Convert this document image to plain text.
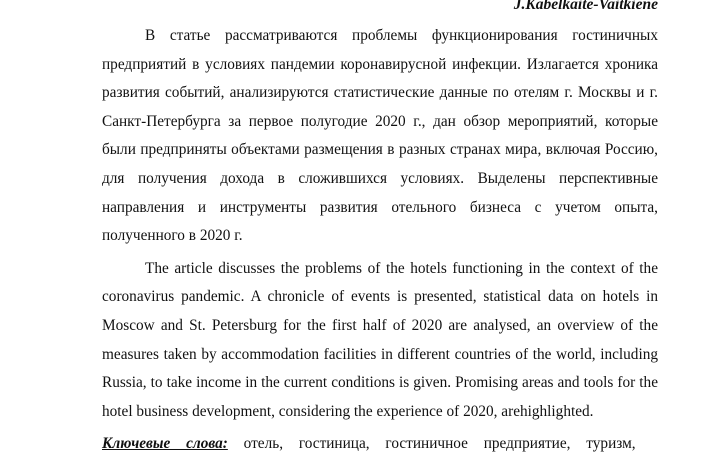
J.Kabelkaite-Vaitkiene

В статье рассматриваются проблемы функционирования гостиничных предприятий в условиях пандемии коронавирусной инфекции. Излагается хроника развития событий, анализируются статистические данные по отелям г. Москвы и г. Санкт-Петербурга за первое полугодие 2020 г., дан обзор мероприятий, которые были предприняты объектами размещения в разных странах мира, включая Россию, для получения дохода в сложившихся условиях. Выделены перспективные направления и инструменты развития отельного бизнеса с учетом опыта, полученного в 2020 г.

The article discusses the problems of the hotels functioning in the context of the coronavirus pandemic. A chronicle of events is presented, statistical data on hotels in Moscow and St. Petersburg for the first half of 2020 are analysed, an overview of the measures taken by accommodation facilities in different countries of the world, including Russia, to take income in the current conditions is given. Promising areas and tools for the hotel business development, considering the experience of 2020, arehighlighted.

Ключевые слова: отель, гостиница, гостиничное предприятие, туризм,
